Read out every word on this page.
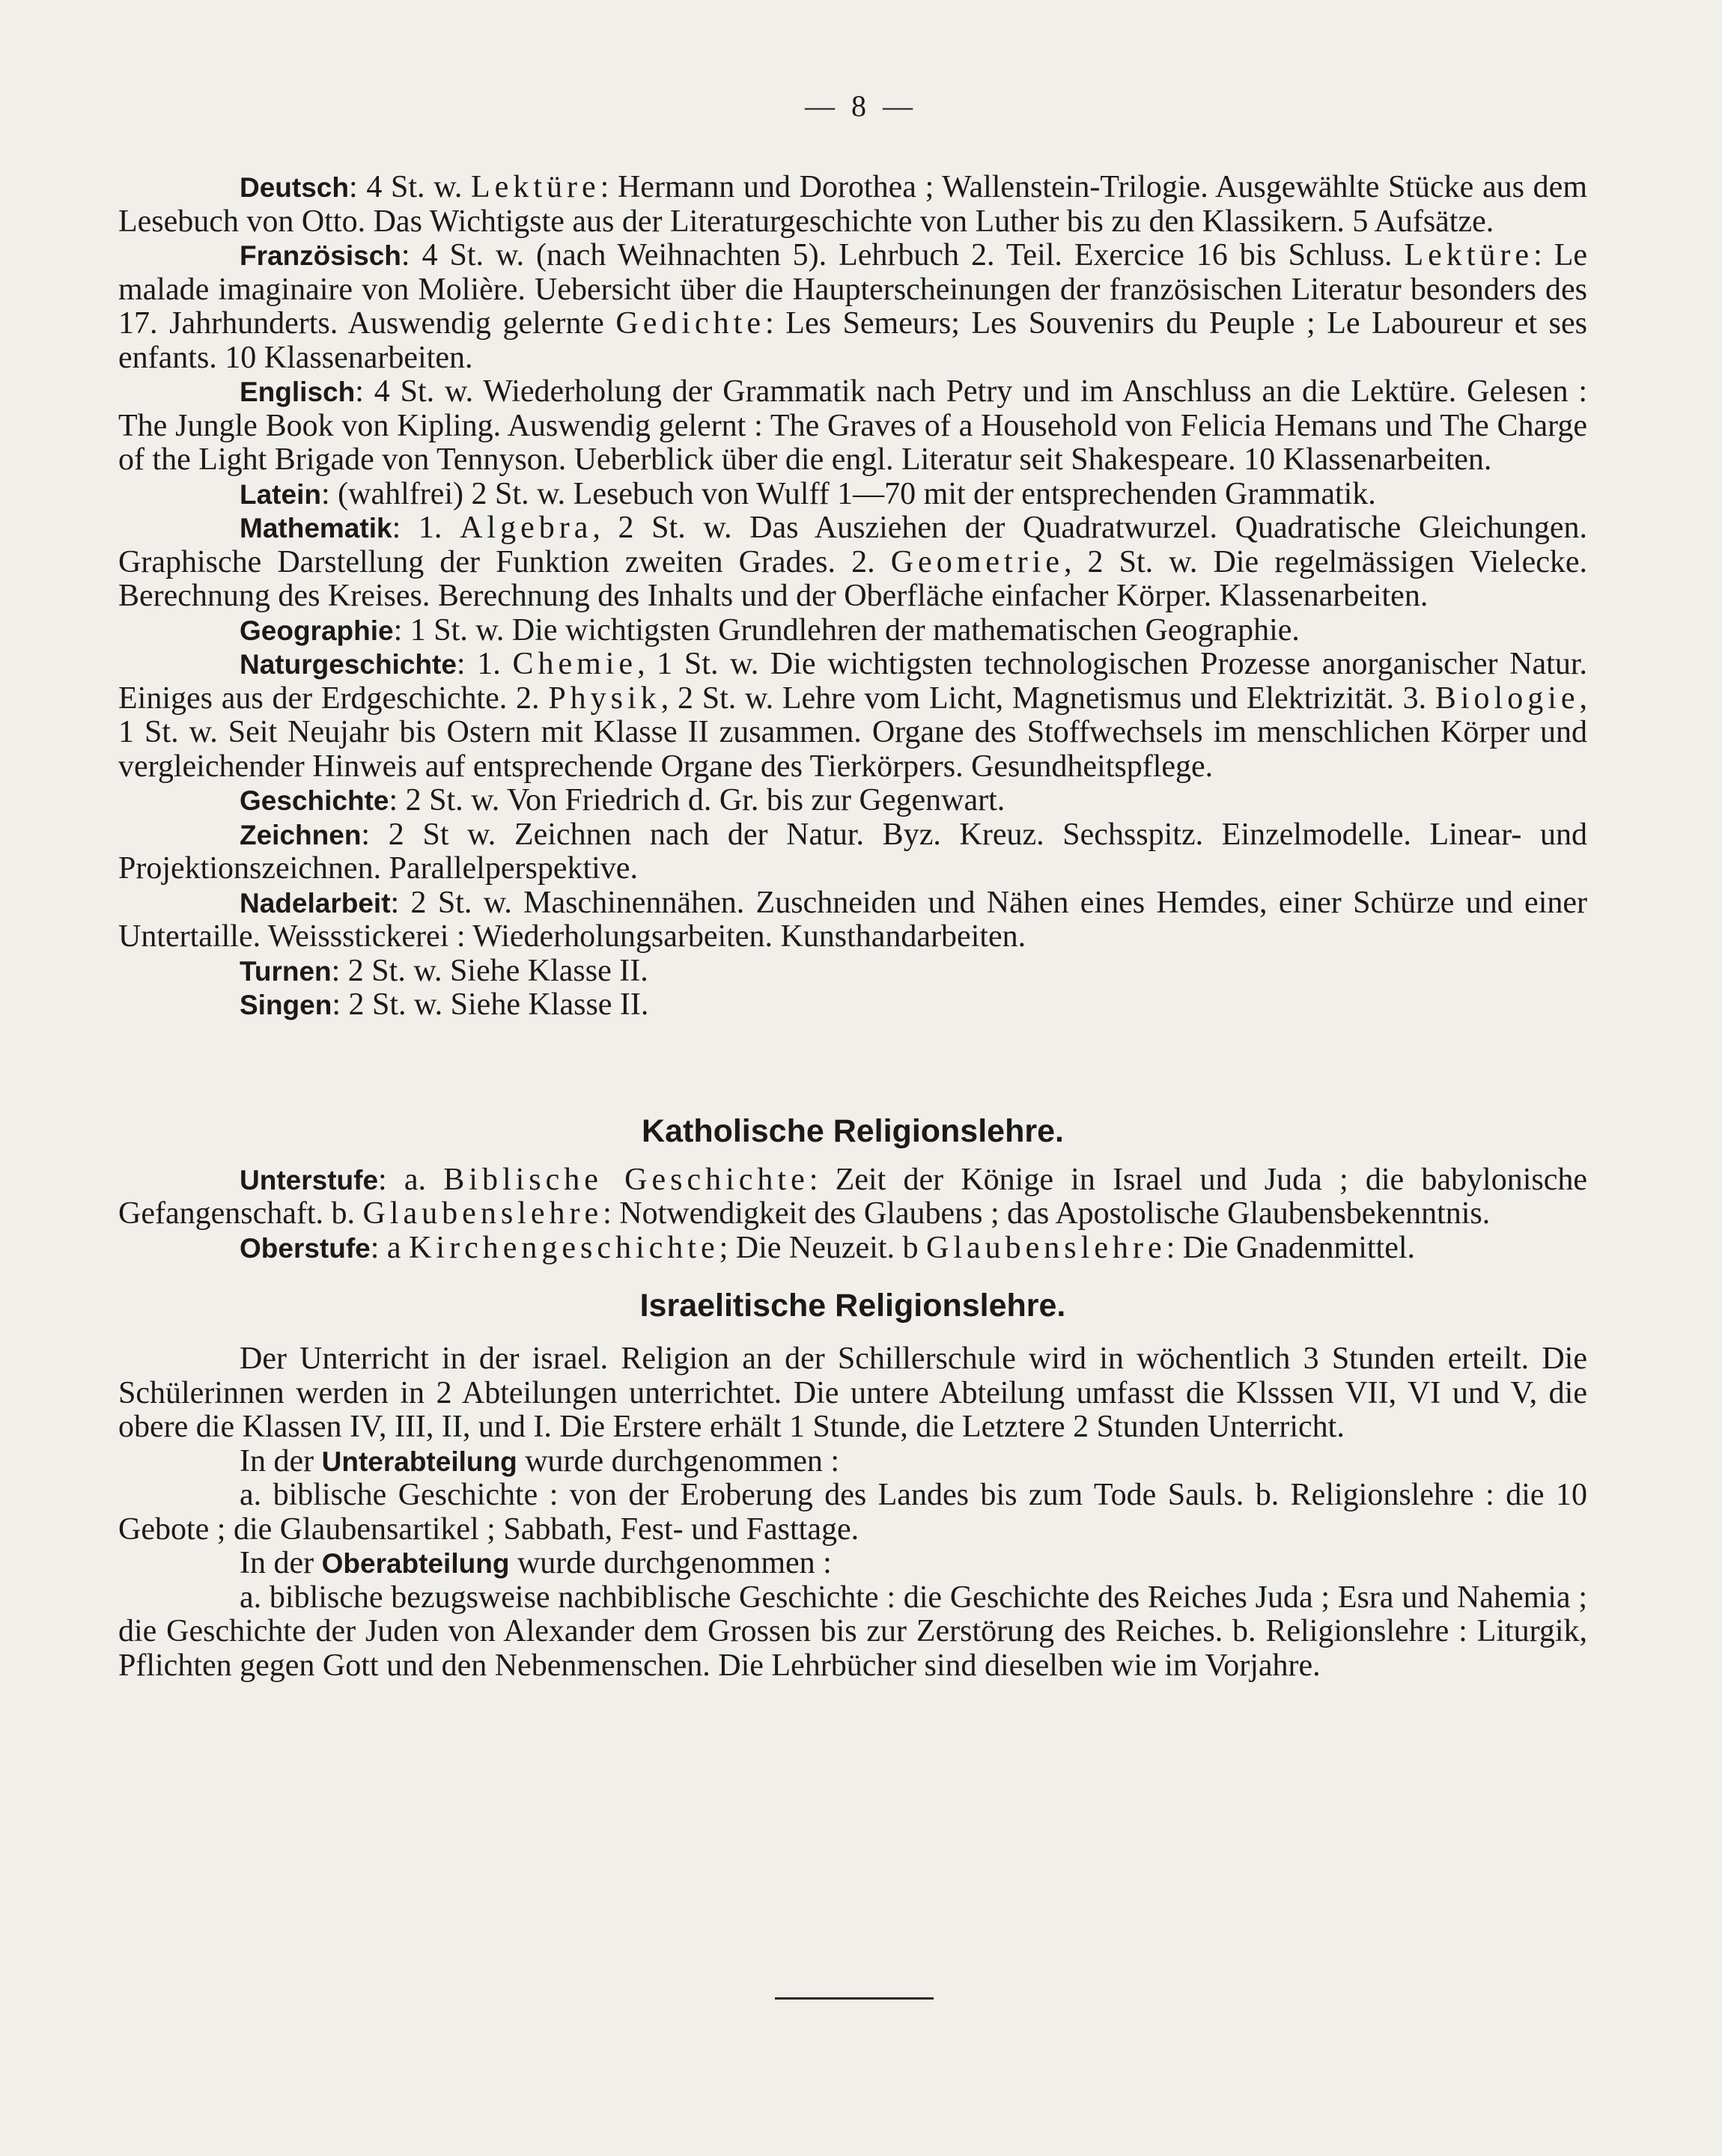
— 8 —

Deutsch: 4 St. w. Lektüre: Hermann und Dorothea ; Wallenstein-Trilogie. Ausgewählte Stücke aus dem Lesebuch von Otto. Das Wichtigste aus der Literaturgeschichte von Luther bis zu den Klassikern. 5 Aufsätze.

Französisch: 4 St. w. (nach Weihnachten 5). Lehrbuch 2. Teil. Exercice 16 bis Schluss. Lektüre: Le malade imaginaire von Molière. Uebersicht über die Haupterscheinungen der französischen Literatur besonders des 17. Jahrhunderts. Auswendig gelernte Gedichte: Les Semeurs; Les Souvenirs du Peuple ; Le Laboureur et ses enfants. 10 Klassenarbeiten.

Englisch: 4 St. w. Wiederholung der Grammatik nach Petry und im Anschluss an die Lektüre. Gelesen : The Jungle Book von Kipling. Auswendig gelernt : The Graves of a Household von Felicia Hemans und The Charge of the Light Brigade von Tennyson. Ueberblick über die engl. Literatur seit Shakespeare. 10 Klassenarbeiten.

Latein: (wahlfrei) 2 St. w. Lesebuch von Wulff 1—70 mit der entsprechenden Grammatik.

Mathematik: 1. Algebra, 2 St. w. Das Ausziehen der Quadratwurzel. Quadratische Gleichungen. Graphische Darstellung der Funktion zweiten Grades. 2. Geometrie, 2 St. w. Die regelmässigen Vielecke. Berechnung des Kreises. Berechnung des Inhalts und der Oberfläche einfacher Körper. Klassenarbeiten.

Geographie: 1 St. w. Die wichtigsten Grundlehren der mathematischen Geographie.

Naturgeschichte: 1. Chemie, 1 St. w. Die wichtigsten technologischen Prozesse anorganischer Natur. Einiges aus der Erdgeschichte. 2. Physik, 2 St. w. Lehre vom Licht, Magnetismus und Elektrizität. 3. Biologie, 1 St. w. Seit Neujahr bis Ostern mit Klasse II zusammen. Organe des Stoffwechsels im menschlichen Körper und vergleichender Hinweis auf entsprechende Organe des Tierkörpers. Gesundheitspflege.

Geschichte: 2 St. w. Von Friedrich d. Gr. bis zur Gegenwart.

Zeichnen: 2 St w. Zeichnen nach der Natur. Byz. Kreuz. Sechsspitz. Einzelmodelle. Linear- und Projektionszeichnen. Parallelperspektive.

Nadelarbeit: 2 St. w. Maschinennähen. Zuschneiden und Nähen eines Hemdes, einer Schürze und einer Untertaille. Weissstickerei : Wiederholungsarbeiten. Kunsthandarbeiten.

Turnen: 2 St. w. Siehe Klasse II.

Singen: 2 St. w. Siehe Klasse II.

Katholische Religionslehre.

Unterstufe: a. Biblische Geschichte: Zeit der Könige in Israel und Juda ; die babylonische Gefangenschaft. b. Glaubenslehre: Notwendigkeit des Glaubens ; das Apostolische Glaubensbekenntnis.

Oberstufe: a Kirchengeschichte; Die Neuzeit. b Glaubenslehre: Die Gnadenmittel.

Israelitische Religionslehre.

Der Unterricht in der israel. Religion an der Schillerschule wird in wöchentlich 3 Stunden erteilt. Die Schülerinnen werden in 2 Abteilungen unterrichtet. Die untere Abteilung umfasst die Klsssen VII, VI und V, die obere die Klassen IV, III, II, und I. Die Erstere erhält 1 Stunde, die Letztere 2 Stunden Unterricht.

In der Unterabteilung wurde durchgenommen :

a. biblische Geschichte : von der Eroberung des Landes bis zum Tode Sauls. b. Religionslehre : die 10 Gebote ; die Glaubensartikel ; Sabbath, Fest- und Fasttage.

In der Oberabteilung wurde durchgenommen :

a. biblische bezugsweise nachbiblische Geschichte : die Geschichte des Reiches Juda ; Esra und Nahemia ; die Geschichte der Juden von Alexander dem Grossen bis zur Zerstörung des Reiches. b. Religionslehre : Liturgik, Pflichten gegen Gott und den Nebenmenschen. Die Lehrbücher sind dieselben wie im Vorjahre.
